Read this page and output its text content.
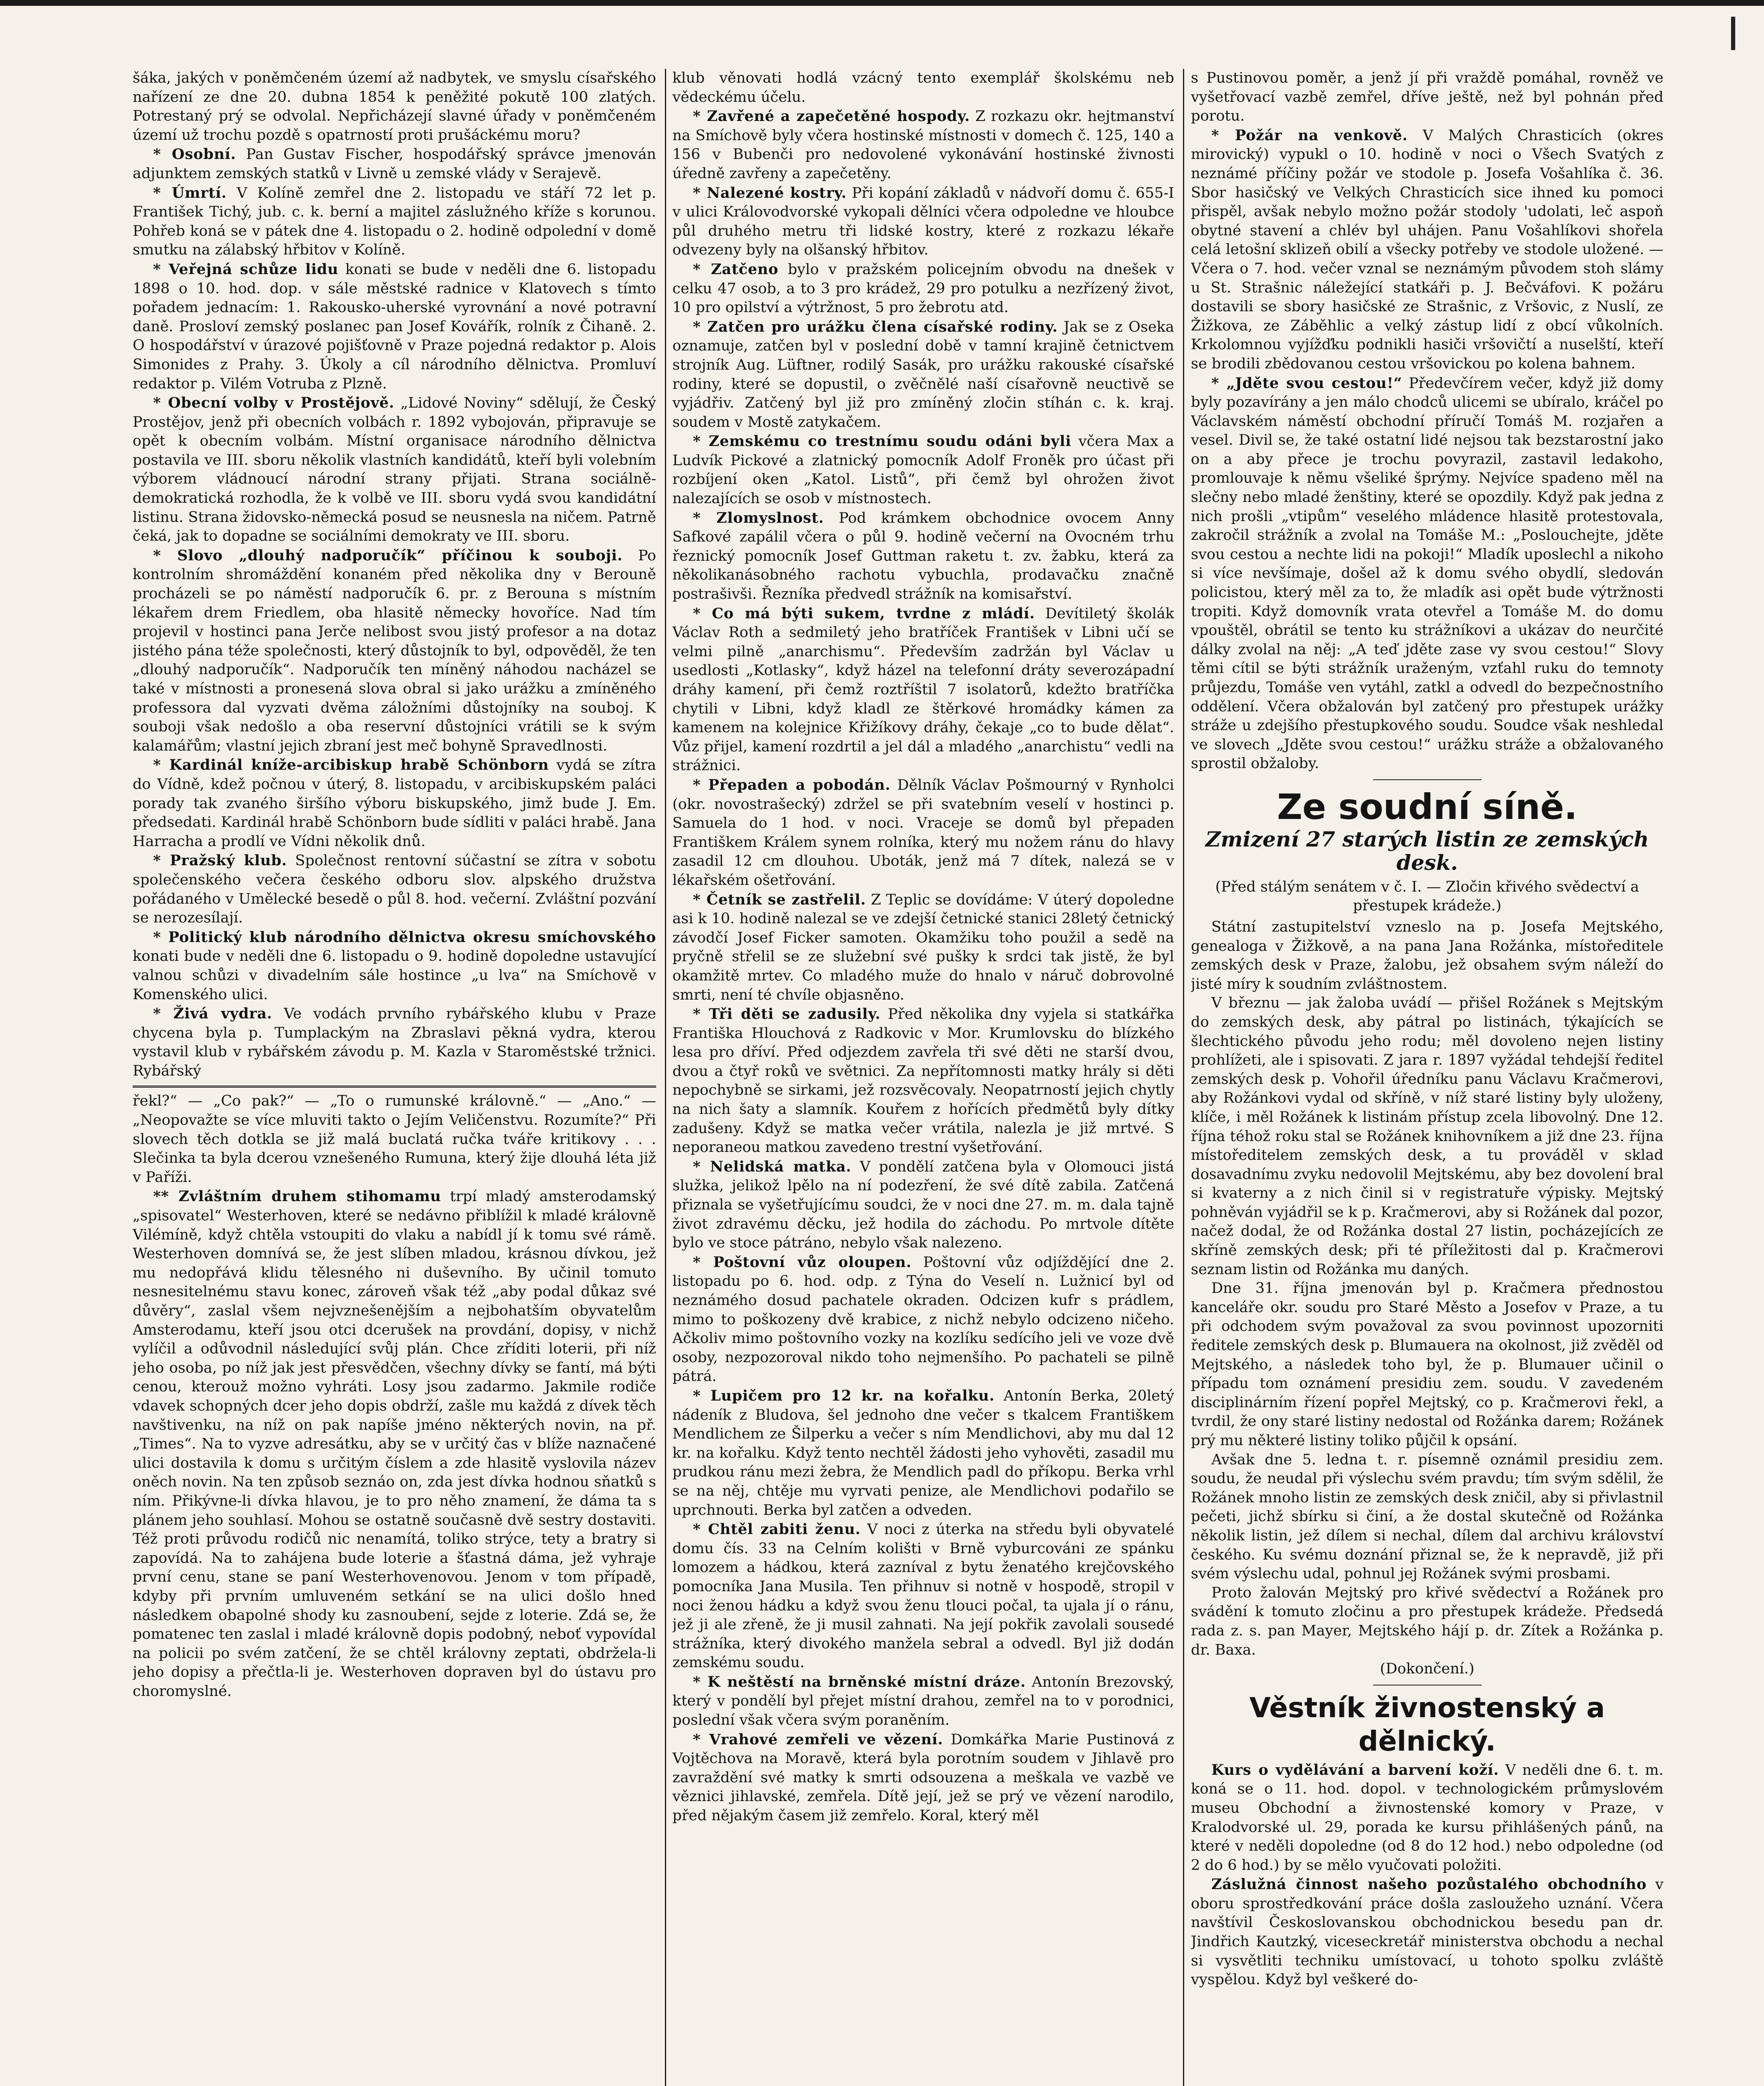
šáka, jakých v poněmčeném území až nadbytek, ve smyslu císařského nařízení ze dne 20. dubna 1854 k peněžité pokutě 100 zlatých. Potrestaný prý se odvolal. Nepřicházejí slavné úřady v poněmčeném území už trochu pozdě s opatrností proti prušáckému moru?

* Osobní. Pan Gustav Fischer, hospodářský správce jmenován adjunktem zemských statků v Livně u zemské vlády v Serajevě.

* Úmrtí. V Kolíně zemřel dne 2. listopadu ve stáří 72 let p. František Tichý, jub. c. k. berní a majitel záslužného kříže s korunou. Pohřeb koná se v pátek dne 4. listopadu o 2. hodině odpolední v domě smutku na zálabský hřbitov v Kolíně.

* Veřejná schůze lidu konati se bude v neděli dne 6. listopadu 1898 o 10. hod. dop. v sále městské radnice v Klatovech s tímto pořadem jednacím: 1. Rakousko-uherské vyrovnání a nové potravní daně. Prosloví zemský poslanec pan Josef Kovářík, rolník z Čihaně. 2. O hospodářství v úrazové pojišťovně v Praze pojedná redaktor p. Alois Simonides z Prahy. 3. Úkoly a cíl národního dělnictva. Promluví redaktor p. Vilém Votruba z Plzně.

* Obecní volby v Prostějově. „Lidové Noviny“ sdělují, že Český Prostějov, jenž při obecních volbách r. 1892 vybojován, připravuje se opět k obecním volbám. Místní organisace národního dělnictva postavila ve III. sboru několik vlastních kandidátů, kteří byli volebním výborem vládnoucí národní strany přijati. Strana sociálně-demokratická rozhodla, že k volbě ve III. sboru vydá svou kandidátní listinu. Strana židovsko-německá posud se neusnesla na ničem. Patrně čeká, jak to dopadne se sociálními demokraty ve III. sboru.

* Slovo „dlouhý nadporučík“ příčinou k souboji. Po kontrolním shromáždění konaném před několika dny v Berouně procházeli se po náměstí nadporučík 6. pr. z Berouna s místním lékařem drem Friedlem, oba hlasitě německy hovoříce. Nad tím projevil v hostinci pana Jerče nelibost svou jistý profesor a na dotaz jistého pána téže společnosti, který důstojník to byl, odpověděl, že ten „dlouhý nadporučík“. Nadporučík ten míněný náhodou nacházel se také v místnosti a pronesená slova obral si jako urážku a zmíněného professora dal vyzvati dvěma záložními důstojníky na souboj. K souboji však nedošlo a oba reservní důstojníci vrátili se k svým kalamářům; vlastní jejich zbraní jest meč bohyně Spravedlnosti.

* Kardinál kníže-arcibiskup hrabě Schönborn vydá se zítra do Vídně, kdež počnou v úterý, 8. listopadu, v arcibiskupském paláci porady tak zvaného širšího výboru biskupského, jimž bude J. Em. předsedati. Kardinál hrabě Schönborn bude sídliti v paláci hrabě. Jana Harracha a prodlí ve Vídni několik dnů.

* Pražský klub. Společnost rentovní súčastní se zítra v sobotu společenského večera českého odboru slov. alpského družstva pořádaného v Umělecké besedě o půl 8. hod. večerní. Zvláštní pozvání se nerozesílají.

* Politický klub národního dělnictva okresu smíchovského konati bude v neděli dne 6. listopadu o 9. hodině dopoledne ustavující valnou schůzi v divadelním sále hostince „u lva“ na Smíchově v Komenského ulici.

* Živá vydra. Ve vodách prvního rybářského klubu v Praze chycena byla p. Tumplackým na Zbraslavi pěkná vydra, kterou vystavil klub v rybářském závodu p. M. Kazla v Staroměstské tržnici. Rybářský

řekl?“ — „Co pak?“ — „To o rumunské královně.“ — „Ano.“ — „Neopovažte se více mluviti takto o Jejím Veličenstvu. Rozumíte?“ Při slovech těch dotkla se již malá buclatá ručka tváře kritikovy . . . Slečinka ta byla dcerou vznešeného Rumuna, který žije dlouhá léta již v Paříži.

** Zvláštním druhem stihomamu trpí mladý amsterodamský „spisovatel“ Westerhoven, které se nedávno přiblížil k mladé královně Vilémíně, když chtěla vstoupiti do vlaku a nabídl jí k tomu své rámě. Westerhoven domnívá se, že jest slíben mladou, krásnou dívkou, jež mu nedopřává klidu tělesného ni duševního. By učinil tomuto nesnesitelnému stavu konec, zároveň však též „aby podal důkaz své důvěry“, zaslal všem nejvznešenějším a nejbohatším obyvatelům Amsterodamu, kteří jsou otci dcerušek na provdání, dopisy, v nichž vylíčil a odůvodnil následující svůj plán. Chce zříditi loterii, při níž jeho osoba, po níž jak jest přesvědčen, všechny dívky se fantí, má býti cenou, kterouž možno vyhráti. Losy jsou zadarmo. Jakmile rodiče vdavek schopných dcer jeho dopis obdrží, zašle mu každá z dívek těch navštivenku, na níž on pak napíše jméno některých novin, na př. „Times“. Na to vyzve adresátku, aby se v určitý čas v blíže naznačené ulici dostavila k domu s určitým číslem a zde hlasitě vyslovila název oněch novin. Na ten způsob seznáo on, zda jest dívka hodnou sňatků s ním. Přikývne-li dívka hlavou, je to pro něho znamení, že dáma ta s plánem jeho souhlasí. Mohou se ostatně současně dvě sestry dostaviti. Též proti průvodu rodičů nic nenamítá, toliko strýce, tety a bratry si zapovídá. Na to zahájena bude loterie a šťastná dáma, jež vyhraje první cenu, stane se paní Westerhovenovou. Jenom v tom případě, kdyby při prvním umluveném setkání se na ulici došlo hned následkem obapolné shody ku zasnoubení, sejde z loterie. Zdá se, že pomatenec ten zaslal i mladé královně dopis podobný, neboť vypovídal na policii po svém zatčení, že se chtěl královny zeptati, obdržela-li jeho dopisy a přečtla-li je. Westerhoven dopraven byl do ústavu pro choromyslné.

klub věnovati hodlá vzácný tento exemplář školskému neb vědeckému účelu.

* Zavřené a zapečetěné hospody. Z rozkazu okr. hejtmanství na Smíchově byly včera hostinské místnosti v domech č. 125, 140 a 156 v Bubenči pro nedovolené vykonávání hostinské živnosti úředně zavřeny a zapečetěny.

* Nalezené kostry. Při kopání základů v nádvoří domu č. 655-I v ulici Královodvorské vykopali dělníci včera odpoledne ve hloubce půl druhého metru tři lidské kostry, které z rozkazu lékaře odvezeny byly na olšanský hřbitov.

* Zatčeno bylo v pražském policejním obvodu na dnešek v celku 47 osob, a to 3 pro krádež, 29 pro potulku a nezřízený život, 10 pro opilství a výtržnost, 5 pro žebrotu atd.

* Zatčen pro urážku člena císařské rodiny. Jak se z Oseka oznamuje, zatčen byl v poslední době v tamní krajině četnictvem strojník Aug. Lüftner, rodilý Sasák, pro urážku rakouské císařské rodiny, které se dopustil, o zvěčnělé naší císařovně neuctivě se vyjádřiv. Zatčený byl již pro zmíněný zločin stíhán c. k. kraj. soudem v Mostě zatykačem.

* Zemskému co trestnímu soudu odáni byli včera Max a Ludvík Pickové a zlatnický pomocník Adolf Froněk pro účast při rozbíjení oken „Katol. Listů“, při čemž byl ohrožen život nalezajících se osob v místnostech.

* Zlomyslnost. Pod krámkem obchodnice ovocem Anny Safkové zapálil včera o půl 9. hodině večerní na Ovocném trhu řeznický pomocník Josef Guttman raketu t. zv. žabku, která za několikanásobného rachotu vybuchla, prodavačku značně postrašivši. Řezníka předvedl strážník na komisařství.

* Co má býti sukem, tvrdne z mládí. Devítiletý školák Václav Roth a sedmiletý jeho bratříček František v Libni učí se velmi pilně „anarchismu“. Především zadržán byl Václav u usedlosti „Kotlasky“, když házel na telefonní dráty severozápadní dráhy kamení, při čemž roztříštil 7 isolatorů, kdežto bratříčka chytili v Libni, když kladl ze štěrkové hromádky kámen za kamenem na kolejnice Křižíkovy dráhy, čekaje „co to bude dělat“. Vůz přijel, kamení rozdrtil a jel dál a mladého „anarchistu“ vedli na strážnici.

* Přepaden a pobodán. Dělník Václav Pošmourný v Rynholci (okr. novostrašecký) zdržel se při svatebním veselí v hostinci p. Samuela do 1 hod. v noci. Vraceje se domů byl přepaden Františkem Králem synem rolníka, který mu nožem ránu do hlavy zasadil 12 cm dlouhou. Uboták, jenž má 7 dítek, nalezá se v lékařském ošetřování.

* Četník se zastřelil. Z Teplic se dovídáme: V úterý dopoledne asi k 10. hodině nalezal se ve zdejší četnické stanici 28letý četnický závodčí Josef Ficker samoten. Okamžiku toho použil a sedě na pryčně střelil se ze služební své pušky k srdci tak jistě, že byl okamžitě mrtev. Co mladého muže do hnalo v náruč dobrovolné smrti, není té chvíle objasněno.

* Tři děti se zadusily. Před několika dny vyjela si statkářka Františka Hlouchová z Radkovic v Mor. Krumlovsku do blízkého lesa pro dříví. Před odjezdem zavřela tři své děti ne starší dvou, dvou a čtyř roků ve světnici. Za nepřítomnosti matky hrály si děti nepochybně se sirkami, jež rozsvěcovaly. Neopatrností jejich chytly na nich šaty a slamník. Kouřem z hořících předmětů byly dítky zadušeny. Když se matka večer vrátila, nalezla je již mrtvé. S neporaneou matkou zavedeno trestní vyšetřování.

* Nelidská matka. V pondělí zatčena byla v Olomouci jistá služka, jelikož lpělo na ní podezření, že své dítě zabila. Zatčená přiznala se vyšetřujícímu soudci, že v noci dne 27. m. m. dala tajně život zdravému děcku, jež hodila do záchodu. Po mrtvole dítěte bylo ve stoce pátráno, nebylo však nalezeno.

* Poštovní vůz oloupen. Poštovní vůz odjíždějící dne 2. listopadu po 6. hod. odp. z Týna do Veselí n. Lužnicí byl od neznámého dosud pachatele okraden. Odcizen kufr s prádlem, mimo to poškozeny dvě krabice, z nichž nebylo odcizeno ničeho. Ačkoliv mimo poštovního vozky na kozlíku sedícího jeli ve voze dvě osoby, nezpozoroval nikdo toho nejmenšího. Po pachateli se pilně pátrá.

* Lupičem pro 12 kr. na kořalku. Antonín Berka, 20letý nádeník z Bludova, šel jednoho dne večer s tkalcem Františkem Mendlichem ze Šilperku a večer s ním Mendlichovi, aby mu dal 12 kr. na kořalku. Když tento nechtěl žádosti jeho vyhověti, zasadil mu prudkou ránu mezi žebra, že Mendlich padl do příkopu. Berka vrhl se na něj, chtěje mu vyrvati penize, ale Mendlichovi podařilo se uprchnouti. Berka byl zatčen a odveden.

* Chtěl zabiti ženu. V noci z úterka na středu byli obyvatelé domu čís. 33 na Celním kolišti v Brně vyburcováni ze spánku lomozem a hádkou, která zazníval z bytu ženatého krejčovského pomocníka Jana Musila. Ten přihnuv si notně v hospodě, stropil v noci ženou hádku a když svou ženu tlouci počal, ta ujala jí o ránu, jež ji ale zřeně, že ji musil zahnati. Na její pokřik zavolali sousedé strážníka, který divokého manžela sebral a odvedl. Byl již dodán zemskému soudu.

* K neštěstí na brněnské místní dráze. Antonín Brezovský, který v pondělí byl přejet místní drahou, zemřel na to v porodnici, poslední však včera svým poraněním.

* Vrahové zemřeli ve vězení. Domkářka Marie Pustinová z Vojtěchova na Moravě, která byla porotním soudem v Jihlavě pro zavraždění své matky k smrti odsouzena a meškala ve vazbě ve věznici jihlavské, zemřela. Dítě její, jež se prý ve vězení narodilo, před nějakým časem již zemřelo. Koral, který měl

s Pustinovou poměr, a jenž jí při vraždě pomáhal, rovněž ve vyšetřovací vazbě zemřel, dříve ještě, než byl pohnán před porotu.

* Požár na venkově. V Malých Chrasticích (okres mirovický) vypukl o 10. hodině v noci o Všech Svatých z neznámé příčiny požár ve stodole p. Josefa Vošahlíka č. 36. Sbor hasičský ve Velkých Chrasticích sice ihned ku pomoci přispěl, avšak nebylo možno požár stodoly 'udolati, leč aspoň obytné stavení a chlév byl uhájen. Panu Vošahlíkovi shořela celá letošní sklizeň obilí a všecky potřeby ve stodole uložené. — Včera o 7. hod. večer vznal se neznámým původem stoh slámy u St. Strašnic náležející statkáři p. J. Bečváfovi. K požáru dostavili se sbory hasičské ze Strašnic, z Vršovic, z Nuslí, ze Žižkova, ze Záběhlic a velký zástup lidí z obcí vůkolních. Krkolomnou vyjížďku podnikli hasiči vršovičtí a nuselští, kteří se brodili zbědovanou cestou vršovickou po kolena bahnem.

* „Jděte svou cestou!“ Předevčírem večer, když již domy byly pozavírány a jen málo chodců ulicemi se ubíralo, kráčel po Václavském náměstí obchodní příručí Tomáš M. rozjařen a vesel. Divil se, že také ostatní lidé nejsou tak bezstarostní jako on a aby přece je trochu povyrazil, zastavil ledakoho, promlouvaje k němu všeliké šprýmy. Nejvíce spadeno měl na slečny nebo mladé ženštiny, které se opozdily. Když pak jedna z nich prošli „vtipům“ veselého mládence hlasitě protestovala, zakročil strážník a zvolal na Tomáše M.: „Poslouchejte, jděte svou cestou a nechte lidi na pokoji!“ Mladík uposlechl a nikoho si více nevšímaje, došel až k domu svého obydlí, sledován policistou, který měl za to, že mladík asi opět bude výtržnosti tropiti. Když domovník vrata otevřel a Tomáše M. do domu vpouštěl, obrátil se tento ku strážníkovi a ukázav do neurčité dálky zvolal na něj: „A teď jděte zase vy svou cestou!“ Slovy těmi cítil se býti strážník uraženým, vzťahl ruku do temnoty průjezdu, Tomáše ven vytáhl, zatkl a odvedl do bezpečnostního oddělení. Včera obžalován byl zatčený pro přestupek urážky stráže u zdejšího přestupkového soudu. Soudce však neshledal ve slovech „Jděte svou cestou!“ urážku stráže a obžalovaného sprostil obžaloby.

Ze soudní síně.
Zmizení 27 starých listin ze zemských desk.
(Před stálým senátem v č. I. — Zločin křivého svědectví a přestupek krádeže.)

Státní zastupitelství vzneslo na p. Josefa Mejtského, genealoga v Žižkově, a na pana Jana Rožánka, místoředitele zemských desk v Praze, žalobu, jež obsahem svým náleží do jisté míry k soudním zvláštnostem.

V březnu — jak žaloba uvádí — přišel Rožánek s Mejtským do zemských desk, aby pátral po listinách, týkajících se šlechtického původu jeho rodu; měl dovoleno nejen listiny prohlížeti, ale i spisovati. Z jara r. 1897 vyžádal tehdejší ředitel zemských desk p. Vohořil úředníku panu Václavu Kračmerovi, aby Rožánkovi vydal od skříně, v níž staré listiny byly uloženy, klíče, i měl Rožánek k listinám přístup zcela libovolný. Dne 12. října téhož roku stal se Rožánek knihovníkem a již dne 23. října místoředitelem zemských desk, a tu prováděl v sklad dosavadnímu zvyku nedovolil Mejtskému, aby bez dovolení bral si kvaterny a z nich činil si v registratuře výpisky. Mejtský pohněván vyjádřil se k p. Kračmerovi, aby si Rožánek dal pozor, načež dodal, že od Rožánka dostal 27 listin, pocházejících ze skříně zemských desk; při té příležitosti dal p. Kračmerovi seznam listin od Rožánka mu daných.

Dne 31. října jmenován byl p. Kračmera přednostou kanceláře okr. soudu pro Staré Město a Josefov v Praze, a tu při odchodem svým považoval za svou povinnost upozorniti ředitele zemských desk p. Blumauera na okolnost, již zvěděl od Mejtského, a následek toho byl, že p. Blumauer učinil o případu tom oznámení presidiu zem. soudu. V zavedeném disciplinárním řízení popřel Mejtský, co p. Kračmerovi řekl, a tvrdil, že ony staré listiny nedostal od Rožánka darem; Rožánek prý mu některé listiny toliko půjčil k opsání.

Avšak dne 5. ledna t. r. písemně oznámil presidiu zem. soudu, že neudal při výslechu svém pravdu; tím svým sdělil, že Rožánek mnoho listin ze zemských desk zničil, aby si přivlastnil pečeti, jichž sbírku si činí, a že dostal skutečně od Rožánka několik listin, jež dílem si nechal, dílem dal archivu království českého. Ku svému doznání přiznal se, že k nepravdě, již při svém výslechu udal, pohnul jej Rožánek svými prosbami.

Proto žalován Mejtský pro křivé svědectví a Rožánek pro svádění k tomuto zločinu a pro přestupek krádeže. Předsedá rada z. s. pan Mayer, Mejtského hájí p. dr. Zítek a Rožánka p. dr. Baxa.

(Dokončení.)
Věstník živnostenský a dělnický.

Kurs o vydělávání a barvení koží. V neděli dne 6. t. m. koná se o 11. hod. dopol. v technologickém průmyslovém museu Obchodní a živnostenské komory v Praze, v Kralodvorské ul. 29, porada ke kursu přihlášených pánů, na které v neděli dopoledne (od 8 do 12 hod.) nebo odpoledne (od 2 do 6 hod.) by se mělo vyučovati položiti.

Záslužná činnost našeho pozůstalého obchodního v oboru sprostředkování práce došla zasloužeho uznání. Včera navštívil Českoslovanskou obchodnickou besedu pan dr. Jindřich Kautzký, viceseckretář ministerstva obchodu a nechal si vysvětliti techniku umístovací, u tohoto spolku zvláště vyspělou. Když byl veškeré do-
